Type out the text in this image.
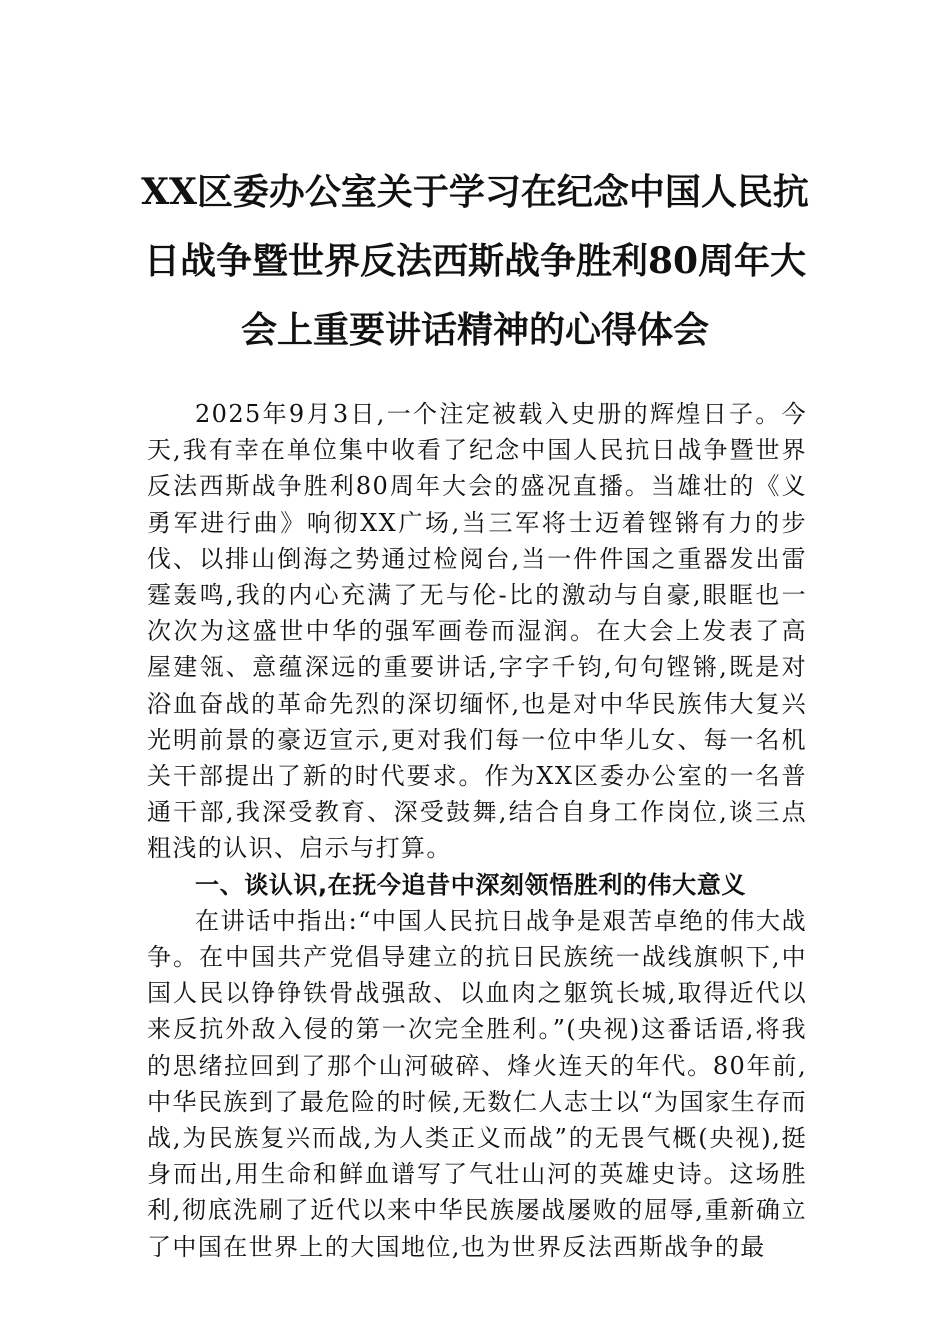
XX区委办公室关于学习在纪念中国人民抗
日战争暨世界反法西斯战争胜利80周年大
会上重要讲话精神的心得体会

2025年9月3日,一个注定被载入史册的辉煌日子。今天,我有幸在单位集中收看了纪念中国人民抗日战争暨世界反法西斯战争胜利80周年大会的盛况直播。当雄壮的《义勇军进行曲》响彻XX广场,当三军将士迈着铿锵有力的步伐、以排山倒海之势通过检阅台,当一件件国之重器发出雷霆轰鸣,我的内心充满了无与伦-比的激动与自豪,眼眶也一次次为这盛世中华的强军画卷而湿润。在大会上发表了高屋建瓴、意蕴深远的重要讲话,字字千钧,句句铿锵,既是对浴血奋战的革命先烈的深切缅怀,也是对中华民族伟大复兴光明前景的豪迈宣示,更对我们每一位中华儿女、每一名机关干部提出了新的时代要求。作为XX区委办公室的一名普通干部,我深受教育、深受鼓舞,结合自身工作岗位,谈三点粗浅的认识、启示与打算。

一、谈认识,在抚今追昔中深刻领悟胜利的伟大意义

在讲话中指出:“中国人民抗日战争是艰苦卓绝的伟大战争。在中国共产党倡导建立的抗日民族统一战线旗帜下,中国人民以铮铮铁骨战强敌、以血肉之躯筑长城,取得近代以来反抗外敌入侵的第一次完全胜利。”(央视)这番话语,将我的思绪拉回到了那个山河破碎、烽火连天的年代。80年前,中华民族到了最危险的时候,无数仁人志士以“为国家生存而战,为民族复兴而战,为人类正义而战”的无畏气概(央视),挺身而出,用生命和鲜血谱写了气壮山河的英雄史诗。这场胜利,彻底洗刷了近代以来中华民族屡战屡败的屈辱,重新确立了中国在世界上的大国地位,也为世界反法西斯战争的最
